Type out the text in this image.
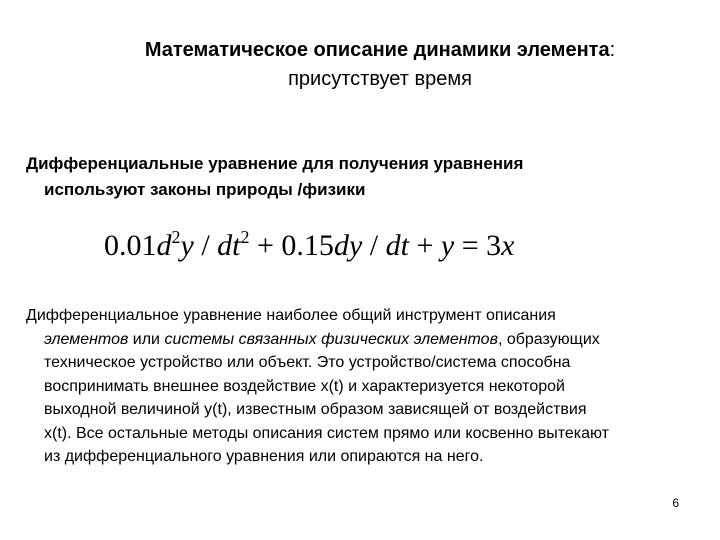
Математическое описание динамики элемента:
присутствует время
Дифференциальные уравнение для получения уравнения
используют законы природы /физики
$0.01d^2y / dt^2 + 0.15dy$ / dt + y = 3x
Дифференциальное уравнение наиболее общий инструмент описания
элементов или системы связанных физических элементов, образующих
техническое устройство или объект. Это устройство/система способна
воспринимать внешнее воздействие x(t) и характеризуется некоторой
выходной величиной y(t), известным образом зависящей от воздействия
x(t). Все остальные методы описания систем прямо или косвенно вытекают
из дифференциального уравнения или опираются на него.
6
